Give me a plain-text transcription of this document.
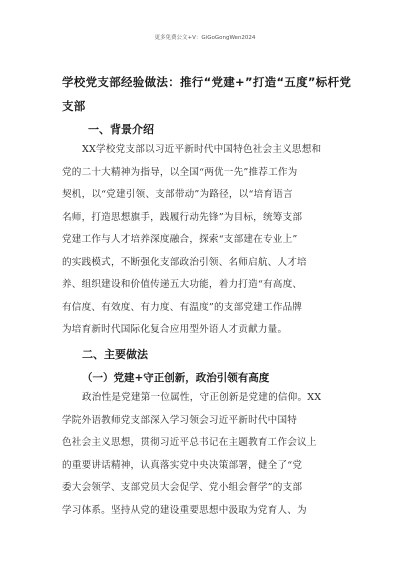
更多免费公文+V：GiGoGongWen2024
学校党支部经验做法：推行“党建+”打造“五度”标杆党
支部
一、背景介绍
XX学校党支部以习近平新时代中国特色社会主义思想和
党的二十大精神为指导，以全国“两优一先”推荐工作为
契机，以“党建引领、支部带动”为路径，以“培育语言
名师，打造思想旗手，践履行动先锋”为目标，统筹支部
党建工作与人才培养深度融合，探索“支部建在专业上”
的实践模式，不断强化支部政治引领、名师启航、人才培
养、组织建设和价值传递五大功能，着力打造“有高度、
有信度、有效度、有力度、有温度”的支部党建工作品牌
为培育新时代国际化复合应用型外语人才贡献力量。
二、主要做法
（一）党建+守正创新，政治引领有高度
政治性是党建第一位属性，守正创新是党建的信仰。XX
学院外语教师党支部深入学习领会习近平新时代中国特
色社会主义思想，贯彻习近平总书记在主题教育工作会议上
的重要讲话精神，认真落实党中央决策部署，健全了“党
委大会领学、支部党员大会促学、党小组会督学”的支部
学习体系。坚持从党的建设重要思想中汲取为党育人、为
